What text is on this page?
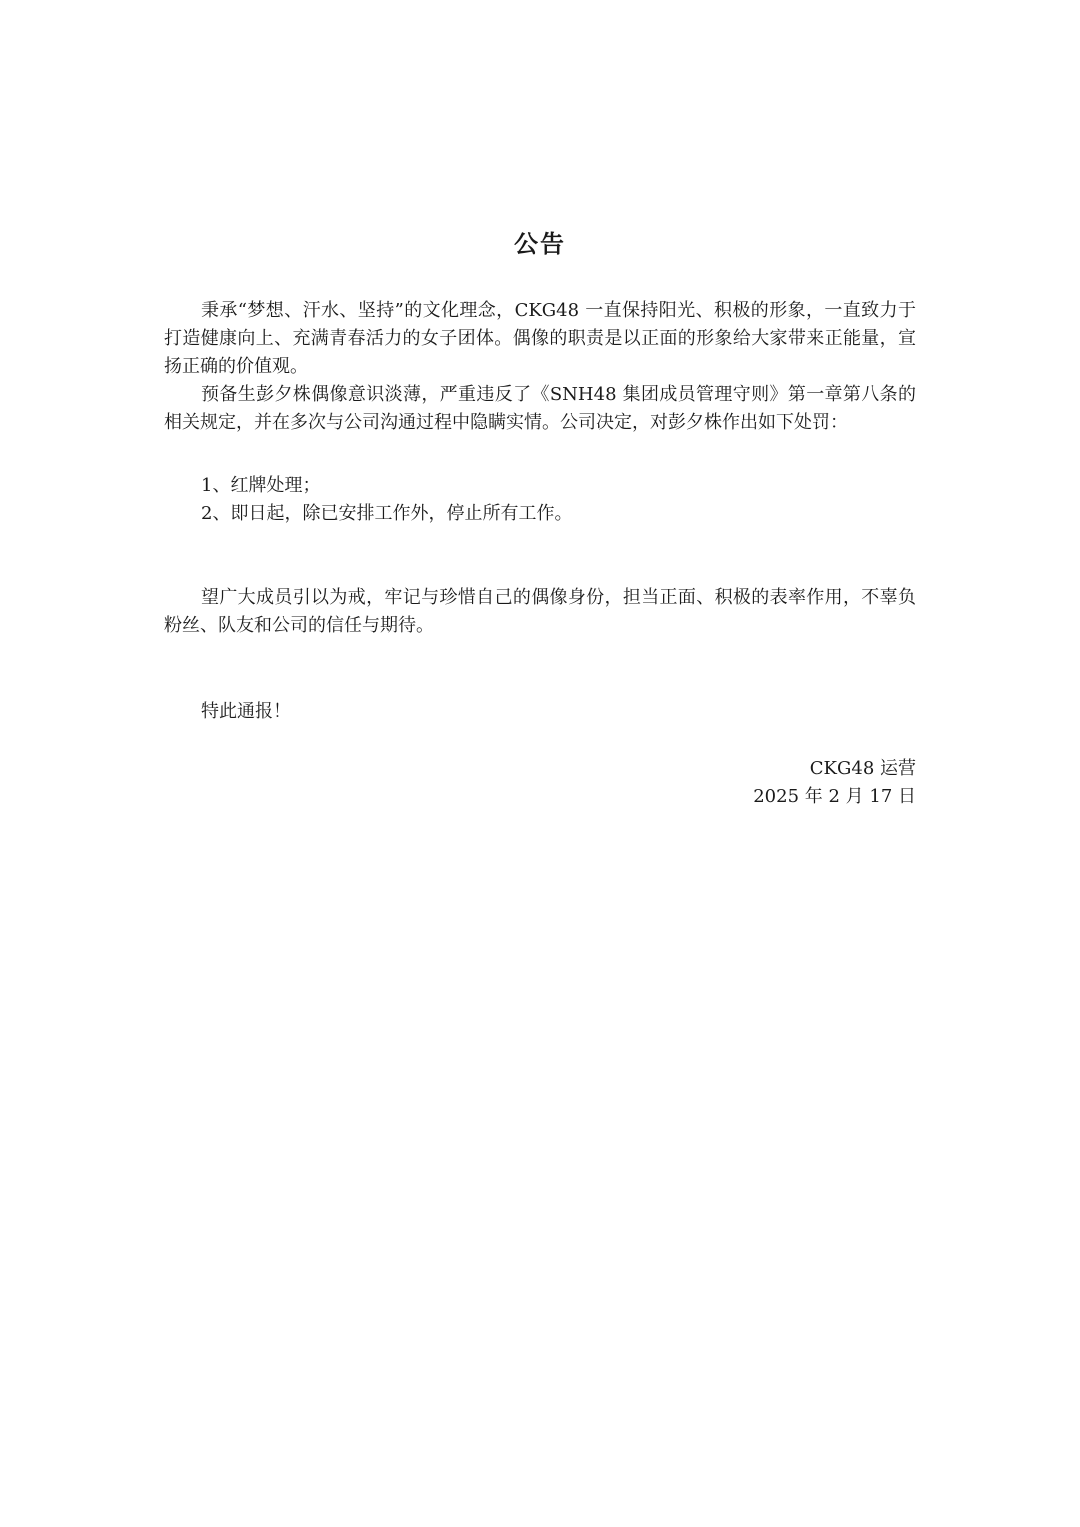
公告

秉承“梦想、汗水、坚持”的文化理念，CKG48 一直保持阳光、积极的形象，一直致力于打造健康向上、充满青春活力的女子团体。偶像的职责是以正面的形象给大家带来正能量，宣扬正确的价值观。

预备生彭夕株偶像意识淡薄，严重违反了《SNH48 集团成员管理守则》第一章第八条的相关规定，并在多次与公司沟通过程中隐瞒实情。公司决定，对彭夕株作出如下处罚：

1、红牌处理；
2、即日起，除已安排工作外，停止所有工作。

望广大成员引以为戒，牢记与珍惜自己的偶像身份，担当正面、积极的表率作用，不辜负粉丝、队友和公司的信任与期待。

特此通报！
CKG48 运营
2025 年 2 月 17 日
